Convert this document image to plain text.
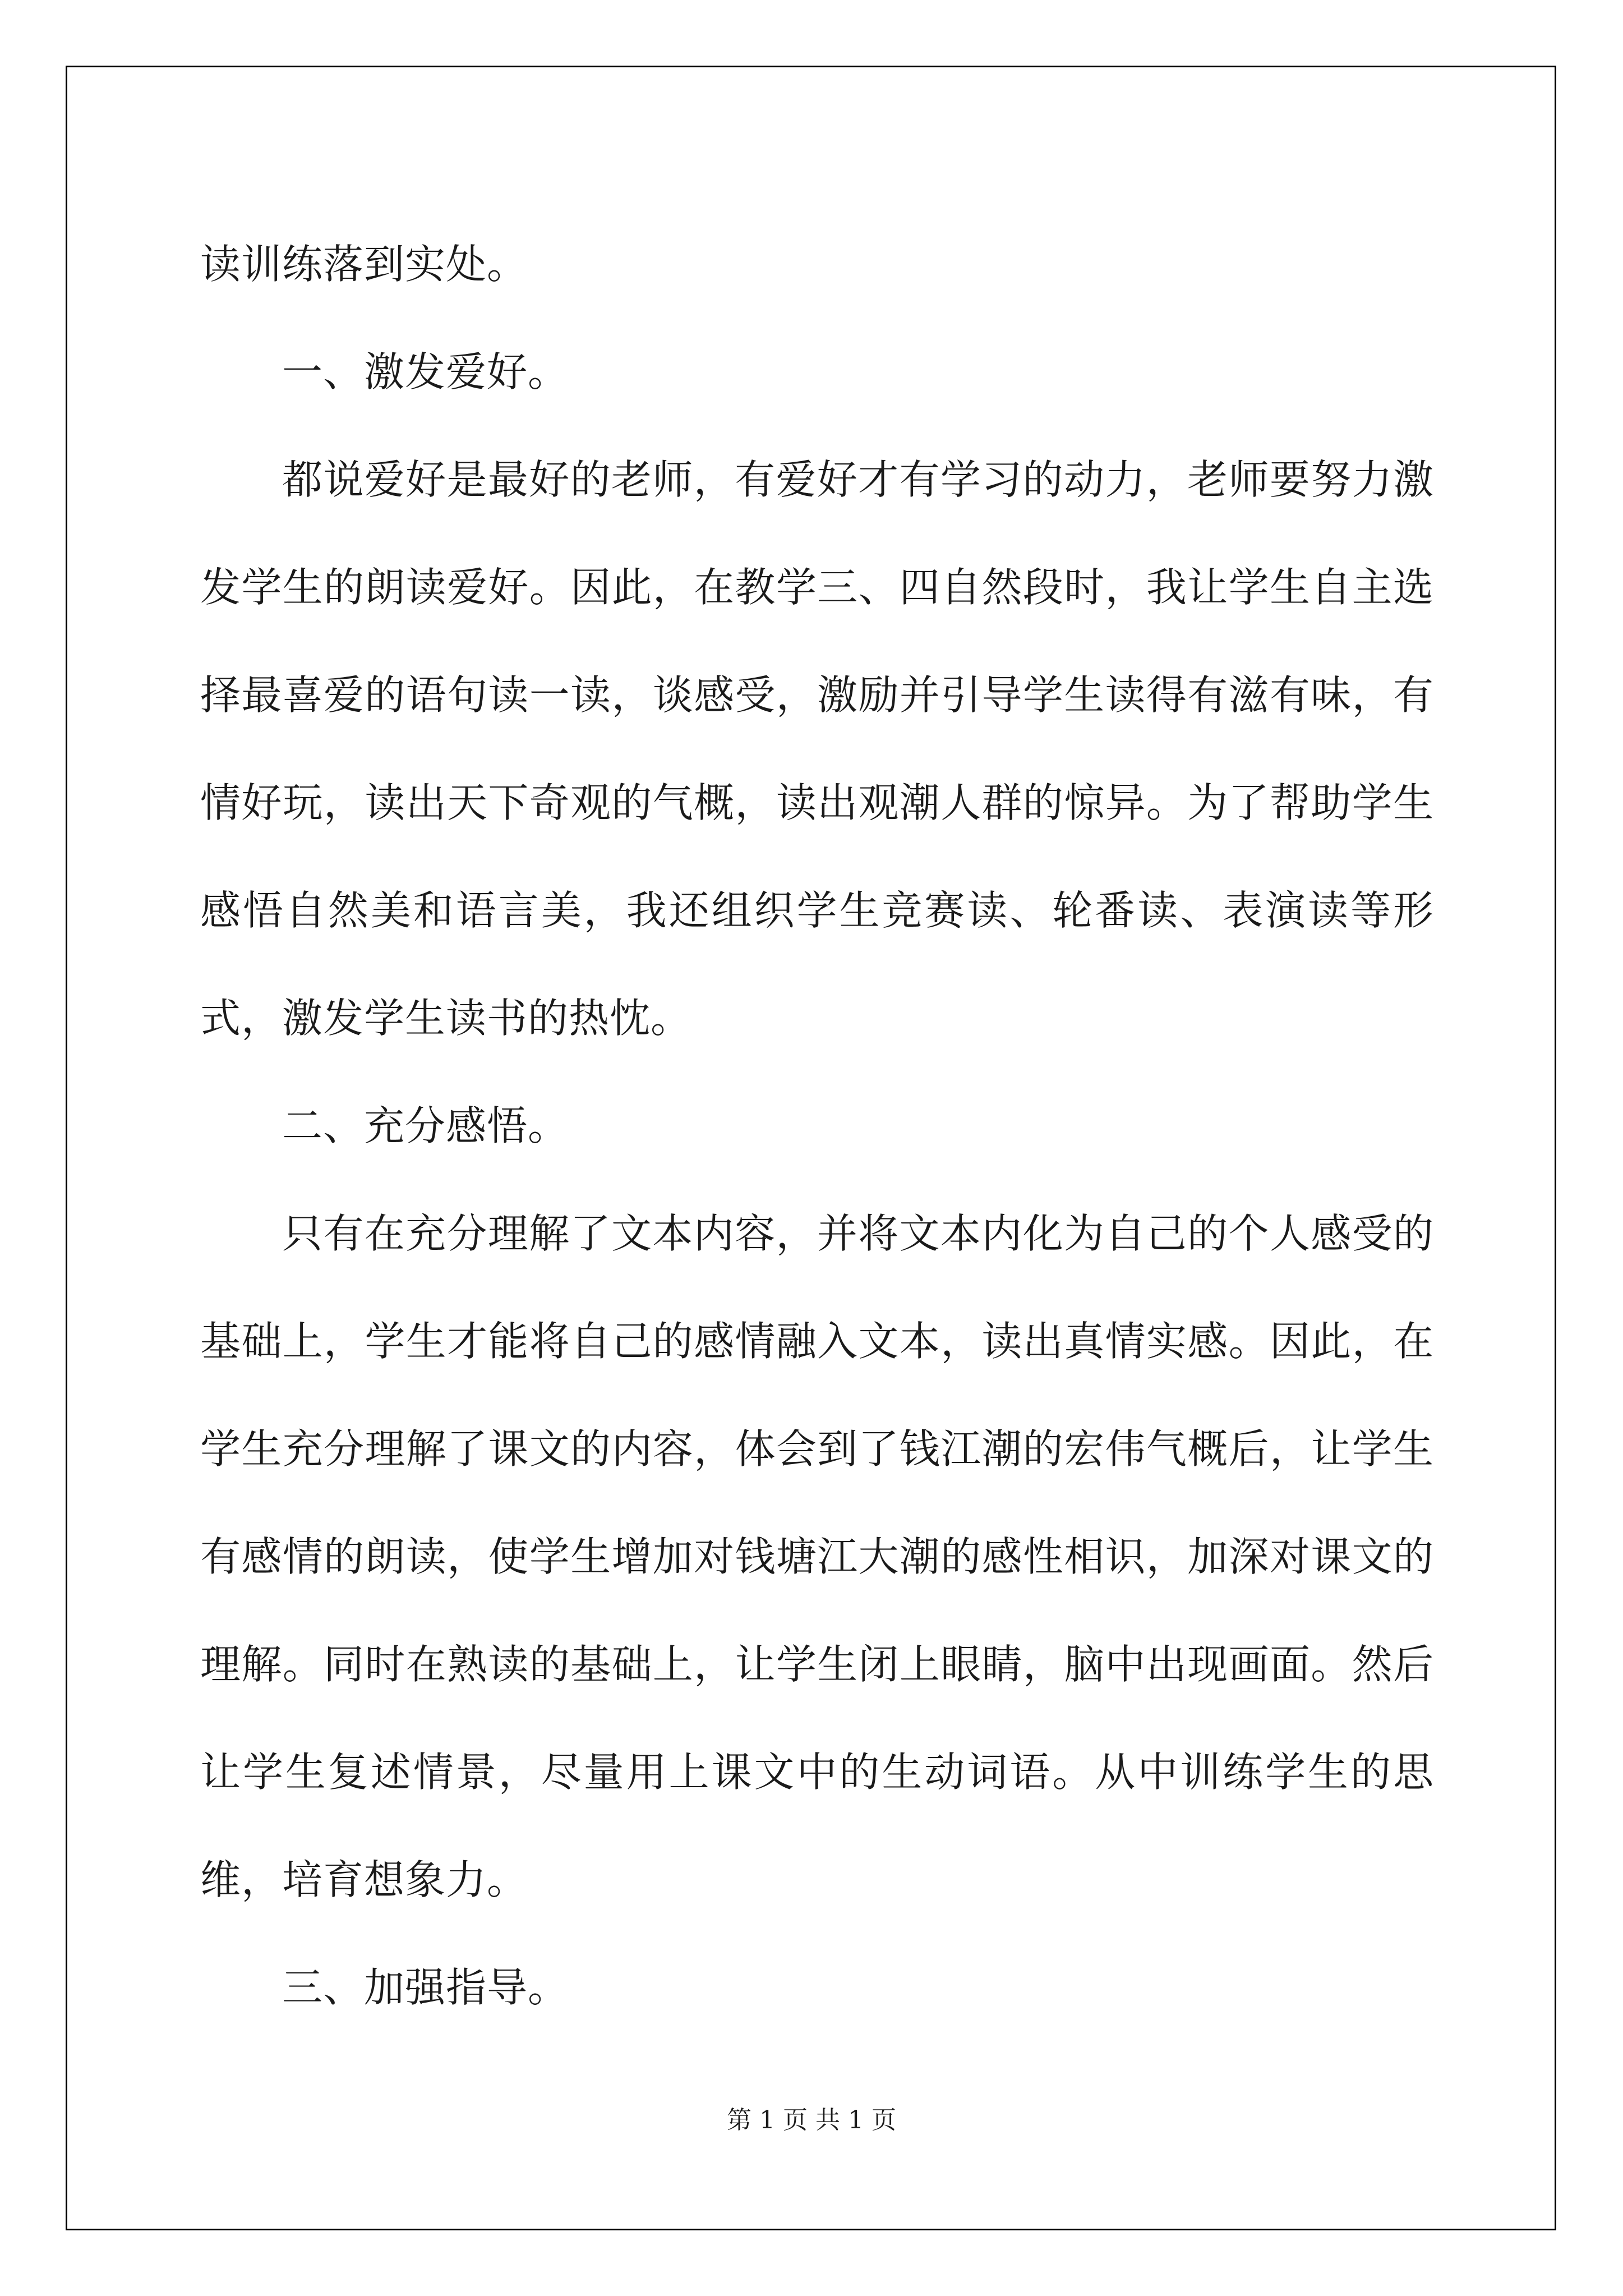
读训练落到实处。

一、激发爱好。

都说爱好是最好的老师，有爱好才有学习的动力，老师要努力激发学生的朗读爱好。因此，在教学三、四自然段时，我让学生自主选择最喜爱的语句读一读，谈感受，激励并引导学生读得有滋有味，有情好玩，读出天下奇观的气概，读出观潮人群的惊异。为了帮助学生感悟自然美和语言美，我还组织学生竞赛读、轮番读、表演读等形式，激发学生读书的热忱。

二、充分感悟。

只有在充分理解了文本内容，并将文本内化为自己的个人感受的基础上，学生才能将自己的感情融入文本，读出真情实感。因此，在学生充分理解了课文的内容，体会到了钱江潮的宏伟气概后，让学生有感情的朗读，使学生增加对钱塘江大潮的感性相识，加深对课文的理解。同时在熟读的基础上，让学生闭上眼睛，脑中出现画面。然后让学生复述情景，尽量用上课文中的生动词语。从中训练学生的思维，培育想象力。

三、加强指导。

第 1 页 共 1 页
